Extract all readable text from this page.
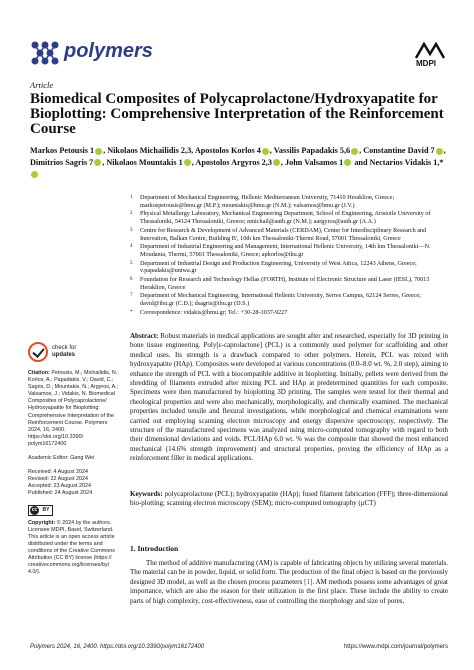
polymers
MDPI
Article
Biomedical Composites of Polycaprolactone/Hydroxyapatite for Bioplotting: Comprehensive Interpretation of the Reinforcement Course
Markos Petousis 1 , Nikolaos Michailidis 2,3, Apostolos Korlos 4 , Vassilis Papadakis 5,6 , Constantine David 7 , Dimitrios Sagris 7 , Nikolaos Mountakis 1 , Apostolos Argyros 2,3 , John Valsamos 1 and Nectarios Vidakis 1,*
1	Department of Mechanical Engineering, Hellenic Mediterranean University, 71410 Heraklion, Greece; markospetousis@hmu.gr (M.P.); mountakis@hmu.gr (N.M.); valsamos@hmu.gr (J.V.)
2	Physical Metallurgy Laboratory, Mechanical Engineering Department, School of Engineering, Aristotle University of Thessaloniki, 54124 Thessaloniki, Greece; nmichail@auth.gr (N.M.); aargyros@auth.gr (A.A.)
3	Centre for Research & Development of Advanced Materials (CERDAM), Center for Interdisciplinary Research and Innovation, Balkan Centre, Building B', 10th km Thessaloniki-Thermi Road, 57001 Thessaloniki, Greece
4	Department of Industrial Engineering and Management, International Hellenic University, 14th km Thessaloniki—N. Moudania, Thermi, 57001 Thessaloniki, Greece; apkorlos@ihu.gr
5	Department of Industrial Design and Production Engineering, University of West Attica, 12243 Athens, Greece; v.papadakis@uniwa.gr
6	Foundation for Research and Technology Hellas (FORTH), Institute of Electronic Structure and Laser (IESL), 70013 Heraklion, Greece
7	Department of Mechanical Engineering, International Hellenic University, Serres Campus, 62124 Serres, Greece; david@ihu.gr (C.D.); dsagris@ihu.gr (D.S.)
*	Correspondence: vidakis@hmu.gr; Tel.: +30-28-1037-9227
check for
updates
Citation: Petousis, M.; Michailidis, N.; Korlos, A.; Papadakis, V.; David, C.; Sagris, D.; Mountakis, N.; Argyros, A.; Valsamos, J.; Vidakis, N. Biomedical Composites of Polycaprolactone/ Hydroxyapatite for Bioplotting: Comprehensive Interpretation of the Reinforcement Course. Polymers 2024, 16, 2400. https://doi.org/10.3390/ polym16172400
Academic Editor: Gang Wei
Received: 4 August 2024
Revised: 22 August 2024
Accepted: 23 August 2024
Published: 24 August 2024
cc	BY
Copyright: © 2024 by the authors. Licensee MDPI, Basel, Switzerland. This article is an open access article distributed under the terms and conditions of the Creative Commons Attribution (CC BY) license (https:// creativecommons.org/licenses/by/ 4.0/).
Abstract: Robust materials in medical applications are sought after and researched, especially for 3D printing in bone tissue engineering. Poly[ε-caprolactone] (PCL) is a commonly used polymer for scaffolding and other medical uses. Its strength is a drawback compared to other polymers. Herein, PCL was mixed with hydroxyapatite (HAp). Composites were developed at various concentrations (0.0–8.0 wt. %, 2.0 step), aiming to enhance the strength of PCL with a biocompatible additive in bioplotting. Initially, pellets were derived from the shredding of filaments extruded after mixing PCL and HAp at predetermined quantities for each composite. Specimens were then manufactured by bioplotting 3D printing. The samples were tested for their thermal and rheological properties and were also mechanically, morphologically, and chemically examined. The mechanical properties included tensile and flexural investigations, while morphological and chemical examinations were carried out employing scanning electron microscopy and energy dispersive spectroscopy, respectively. The structure of the manufactured specimens was analyzed using micro-computed tomography with regard to both their dimensional deviations and voids. PCL/HAp 6.0 wt. % was the composite that showed the most enhanced mechanical (14.6% strength improvement) and structural properties, proving the efficiency of HAp as a reinforcement filler in medical applications.
Keywords: polycaprolactone (PCL); hydroxyapatite (HAp); fused filament fabrication (FFF); three-dimensional bio-plotting; scanning electron microscopy (SEM); micro-computed tomography (μCT)
1. Introduction
The method of additive manufacturing (AM) is capable of fabricating objects by utilizing several materials. The material can be in powder, liquid, or solid form. The production of the final object is based on the previously designed 3D model, as well as the chosen process parameters [1]. AM methods possess some advantages of great importance, which are also the reason for their utilization in the first place. These include the ability to create parts of high complexity, cost-effectiveness, ease of controlling the morphology and size of pores,
Polymers 2024, 16, 2400. https://doi.org/10.3390/polym16172400	https://www.mdpi.com/journal/polymers
